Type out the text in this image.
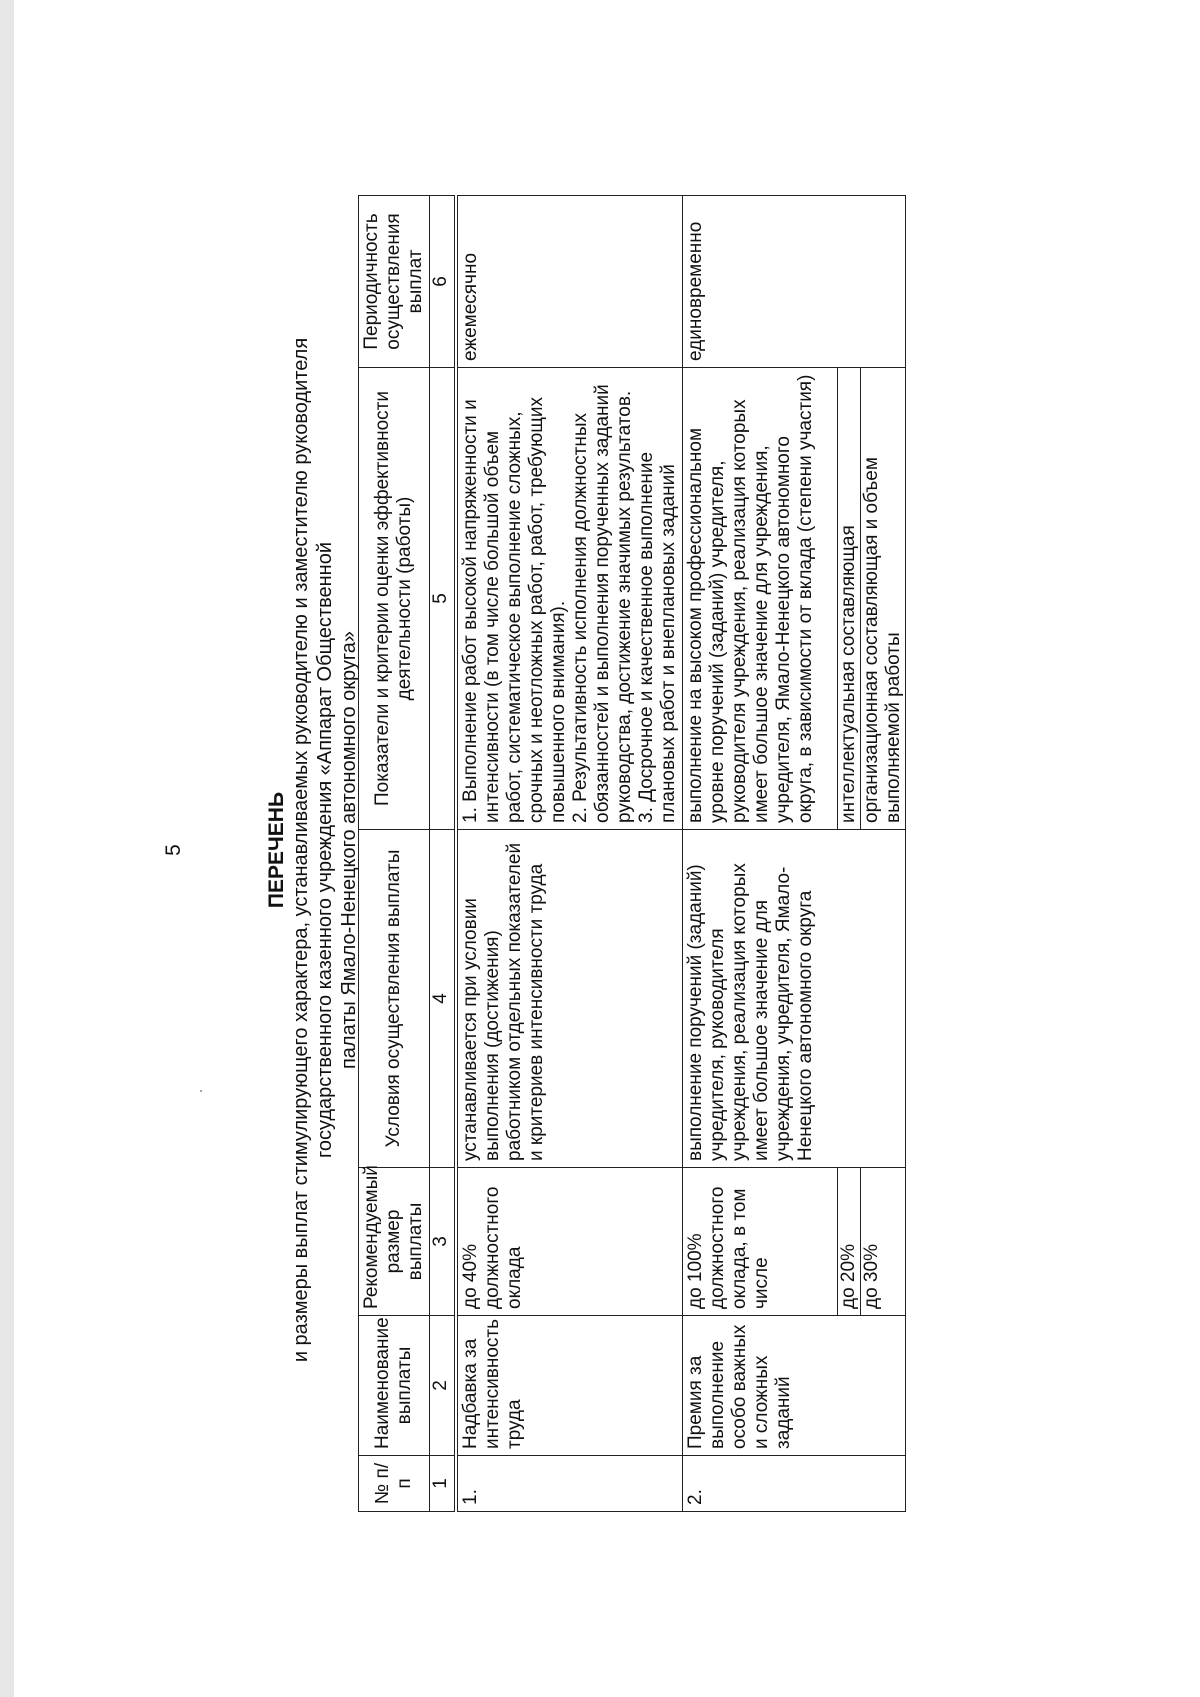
5	ПЕРЕЧЕНЬ и размеры выплат стимулирующего характера, устанавливаемых руководителю и заместителю руководителя государственного казенного учреждения «Аппарат Общественной палаты Ямало-Ненецкого автономного округа»
№ п/п	Наименование выплаты	Рекомендуемый размер выплаты	Условия осуществления выплаты	Показатели и критерии оценки эффективности деятельности (работы)	Периодичность осуществления выплат
1	2	3	4	5	6
1.	Надбавка за интенсивность труда	до 40% должностного оклада	устанавливается при условии выполнения (достижения) работником отдельных показателей и критериев интенсивности труда	1. Выполнение работ высокой напряженности и интенсивности (в том числе большой объем работ, систематическое выполнение сложных, срочных и неотложных работ, работ, требующих повышенного внимания). 2. Результативность исполнения должностных обязанностей и выполнения порученных заданий руководства, достижение значимых результатов. 3. Досрочное и качественное выполнение плановых работ и внеплановых заданий	ежемесячно
2.	Премия за выполнение особо важных и сложных заданий	до 100% должностного оклада, в том числе	выполнение поручений (заданий) учредителя, руководителя учреждения, реализация которых имеет большое значение для учреждения, учредителя, Ямало-Ненецкого автономного округа	выполнение на высоком профессиональном уровне поручений (заданий) учредителя, руководителя учреждения, реализация которых имеет большое значение для учреждения, учредителя, Ямало-Ненецкого автономного округа, в зависимости от вклада (степени участия)	единовременно
		до 20%		интеллектуальная составляющая	
		до 30%		организационная составляющая и объем выполняемой работы	
